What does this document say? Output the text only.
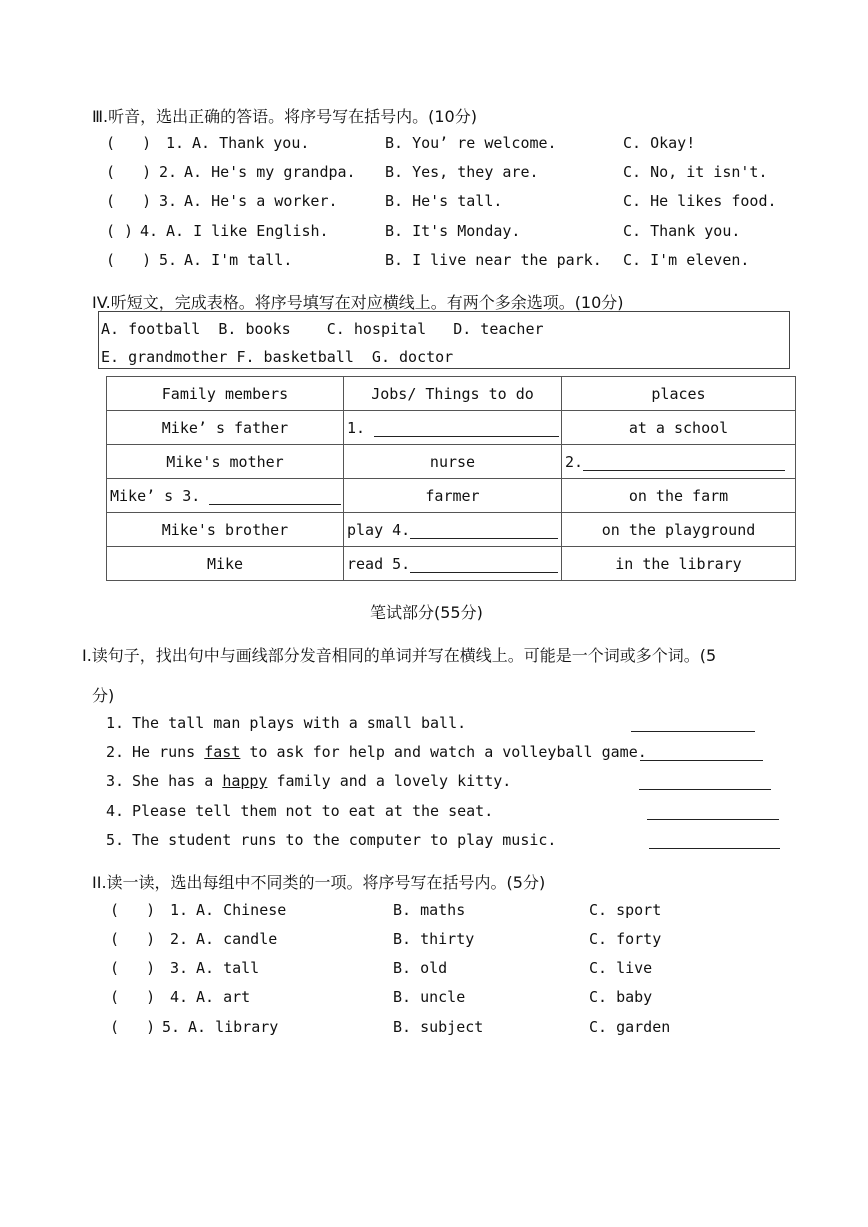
Ⅲ.听音，选出正确的答语。将序号写在括号内。(10分)
(   ) 1. A. Thank you.	B. You’ re welcome.	C. Okay!
(   ) 2. A. He's my grandpa. B. Yes, they are.	C. No, it isn't.
(   ) 3. A. He's a worker.	B. He's tall.	C. He likes food.
( ) 4. A. I like English.	B. It's Monday.	C. Thank you.
(   ) 5. A. I'm tall.	B. I live near the park. C. I'm eleven.
IV.听短文，完成表格。将序号填写在对应横线上。有两个多余选项。(10分)
A. football  B. books    C. hospital   D. teacher
E. grandmother F. basketball  G. doctor
Family members	Jobs/ Things to do	places
Mike’ s father	1.	at a school
Mike's mother	nurse	2.
Mike’ s 3.	farmer	on the farm
Mike's brother	play 4.	on the playground
Mike	read 5.	in the library
笔试部分(55分)
I.读句子，找出句中与画线部分发音相同的单词并写在横线上。可能是一个词或多个词。(5
分)
1. The tall man plays with a small ball.
2. He runs fast to ask for help and watch a volleyball game.
3. She has a happy family and a lovely kitty.
4. Please tell them not to eat at the seat.
5. The student runs to the computer to play music.
II.读一读，选出每组中不同类的一项。将序号写在括号内。(5分)
(   ) 1. A. Chinese	B. maths	C. sport
(   ) 2. A. candle	B. thirty	C. forty
(   ) 3. A. tall	B. old	C. live
(   ) 4. A. art	B. uncle	C. baby
(   ) 5. A. library	B. subject	C. garden
